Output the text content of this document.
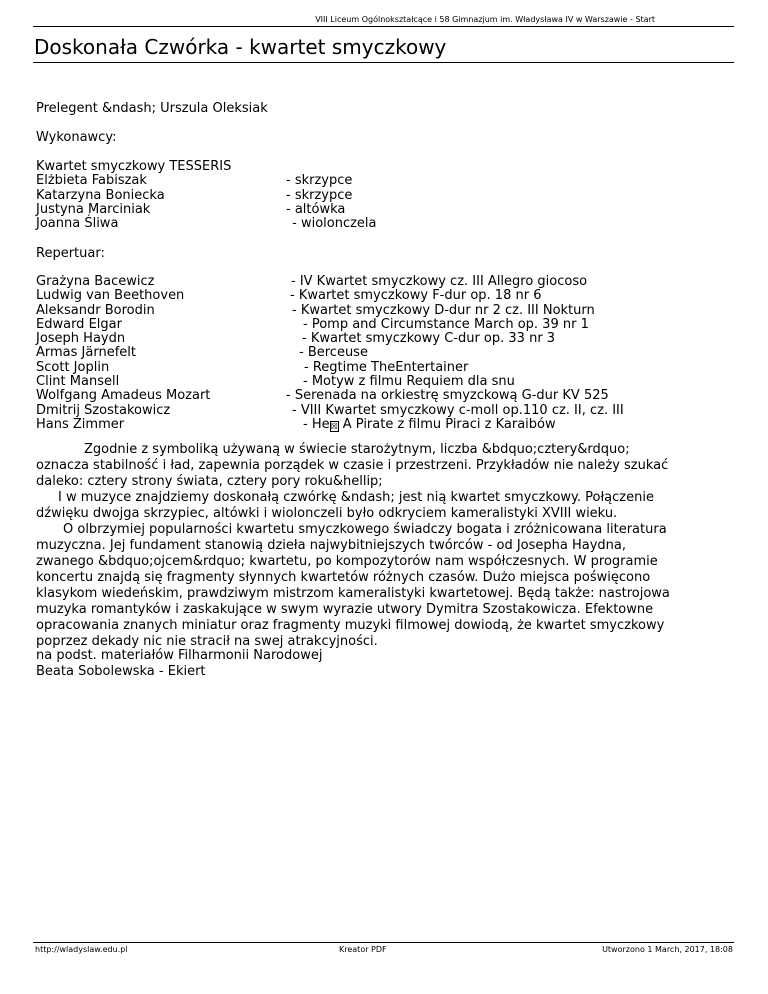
VIII Liceum Ogólnokształcące i 58 Gimnazjum im. Władysława IV w Warszawie - Start
Doskonała Czwórka - kwartet smyczkowy
Prelegent &ndash; Urszula Oleksiak
Wykonawcy:
Kwartet smyczkowy TESSERIS
Elżbieta Fabiszak	- skrzypce
Katarzyna Boniecka	- skrzypce
Justyna Marciniak	- altówka
Joanna Śliwa	- wiolonczela
Repertuar:
Grażyna Bacewicz	- IV Kwartet smyczkowy cz. III Allegro giocoso
Ludwig van Beethoven	- Kwartet smyczkowy F-dur op. 18 nr 6
Aleksandr Borodin	- Kwartet smyczkowy D-dur nr 2 cz. III Nokturn
Edward Elgar	- Pomp and Circumstance March op. 39 nr 1
Joseph Haydn	- Kwartet smyczkowy C-dur op. 33 nr 3
Armas Järnefelt	- Berceuse
Scott Joplin	- Regtime TheEntertainer
Clint Mansell	- Motyw z filmu Requiem dla snu
Wolfgang Amadeus Mozart	- Serenada na orkiestrę smyzckową G-dur KV 525
Dmitrij Szostakowicz	- VIII Kwartet smyczkowy c-moll op.110 cz. II, cz. III
Hans Zimmer	- He☒ A Pirate z filmu Piraci z Karaibów

Zgodnie z symboliką używaną w świecie starożytnym, liczba &bdquo;cztery&rdquo; oznacza stabilność i ład, zapewnia porządek w czasie i przestrzeni. Przykładów nie należy szukać daleko: cztery strony świata, cztery pory roku&hellip;

I w muzyce znajdziemy doskonałą czwórkę &ndash; jest nią kwartet smyczkowy. Połączenie dźwięku dwojga skrzypiec, altówki i wiolonczeli było odkryciem kameralistyki XVIII wieku.

O olbrzymiej popularności kwartetu smyczkowego świadczy bogata i zróżnicowana literatura muzyczna. Jej fundament stanowią dzieła najwybitniejszych twórców - od Josepha Haydna, zwanego &bdquo;ojcem&rdquo; kwartetu, po kompozytorów nam współczesnych. W programie koncertu znajdą się fragmenty słynnych kwartetów różnych czasów. Dużo miejsca poświęcono klasykom wiedeńskim, prawdziwym mistrzom kameralistyki kwartetowej. Będą także: nastrojowa muzyka romantyków i zaskakujące w swym wyrazie utwory Dymitra Szostakowicza. Efektowne opracowania znanych miniatur oraz fragmenty muzyki filmowej dowiodą, że kwartet smyczkowy poprzez dekady nic nie stracił na swej atrakcyjności.

na podst. materiałów Filharmonii Narodowej
Beata Sobolewska - Ekiert
http://wladyslaw.edu.pl	Kreator PDF	Utworzono 1 March, 2017, 18:08
